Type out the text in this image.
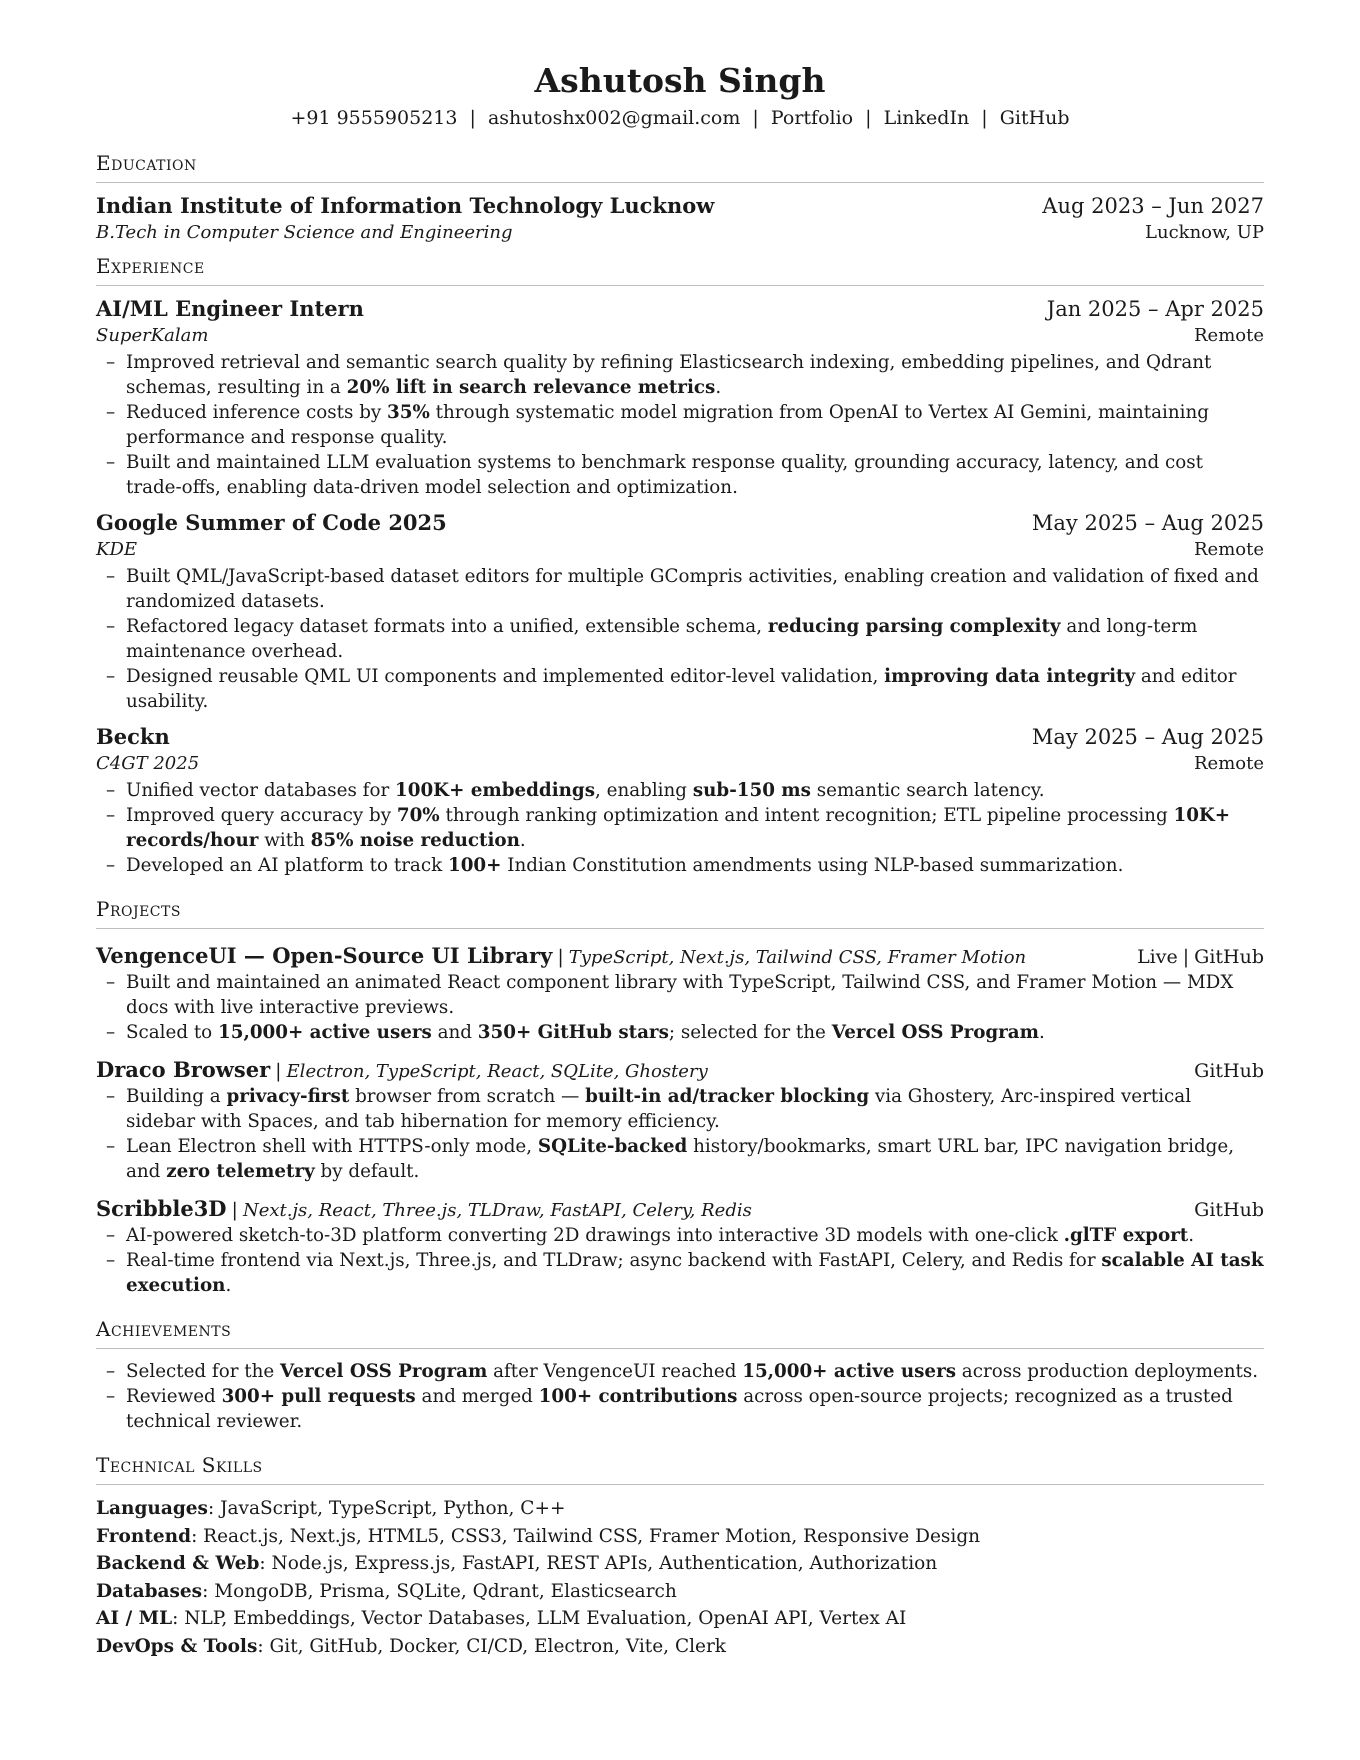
Ashutosh Singh
+91 9555905213 | ashutoshx002@gmail.com | Portfolio | LinkedIn | GitHub
Education
Indian Institute of Information Technology Lucknow	Aug 2023 – Jun 2027
B.Tech in Computer Science and Engineering	Lucknow, UP
Experience
AI/ML Engineer Intern	Jan 2025 – Apr 2025
SuperKalam	Remote
– Improved retrieval and semantic search quality by refining Elasticsearch indexing, embedding pipelines, and Qdrant schemas, resulting in a 20% lift in search relevance metrics.
– Reduced inference costs by 35% through systematic model migration from OpenAI to Vertex AI Gemini, maintaining performance and response quality.
– Built and maintained LLM evaluation systems to benchmark response quality, grounding accuracy, latency, and cost trade-offs, enabling data-driven model selection and optimization.
Google Summer of Code 2025	May 2025 – Aug 2025
KDE	Remote
– Built QML/JavaScript-based dataset editors for multiple GCompris activities, enabling creation and validation of fixed and randomized datasets.
– Refactored legacy dataset formats into a unified, extensible schema, reducing parsing complexity and long-term maintenance overhead.
– Designed reusable QML UI components and implemented editor-level validation, improving data integrity and editor usability.
Beckn	May 2025 – Aug 2025
C4GT 2025	Remote
– Unified vector databases for 100K+ embeddings, enabling sub-150 ms semantic search latency.
– Improved query accuracy by 70% through ranking optimization and intent recognition; ETL pipeline processing 10K+ records/hour with 85% noise reduction.
– Developed an AI platform to track 100+ Indian Constitution amendments using NLP-based summarization.
Projects
VengenceUI — Open-Source UI Library | TypeScript, Next.js, Tailwind CSS, Framer Motion	Live | GitHub
– Built and maintained an animated React component library with TypeScript, Tailwind CSS, and Framer Motion — MDX docs with live interactive previews.
– Scaled to 15,000+ active users and 350+ GitHub stars; selected for the Vercel OSS Program.
Draco Browser | Electron, TypeScript, React, SQLite, Ghostery	GitHub
– Building a privacy-first browser from scratch — built-in ad/tracker blocking via Ghostery, Arc-inspired vertical sidebar with Spaces, and tab hibernation for memory efficiency.
– Lean Electron shell with HTTPS-only mode, SQLite-backed history/bookmarks, smart URL bar, IPC navigation bridge, and zero telemetry by default.
Scribble3D | Next.js, React, Three.js, TLDraw, FastAPI, Celery, Redis	GitHub
– AI-powered sketch-to-3D platform converting 2D drawings into interactive 3D models with one-click .glTF export.
– Real-time frontend via Next.js, Three.js, and TLDraw; async backend with FastAPI, Celery, and Redis for scalable AI task execution.
Achievements
– Selected for the Vercel OSS Program after VengenceUI reached 15,000+ active users across production deployments.
– Reviewed 300+ pull requests and merged 100+ contributions across open-source projects; recognized as a trusted technical reviewer.
Technical Skills
Languages: JavaScript, TypeScript, Python, C++
Frontend: React.js, Next.js, HTML5, CSS3, Tailwind CSS, Framer Motion, Responsive Design
Backend & Web: Node.js, Express.js, FastAPI, REST APIs, Authentication, Authorization
Databases: MongoDB, Prisma, SQLite, Qdrant, Elasticsearch
AI / ML: NLP, Embeddings, Vector Databases, LLM Evaluation, OpenAI API, Vertex AI
DevOps & Tools: Git, GitHub, Docker, CI/CD, Electron, Vite, Clerk
